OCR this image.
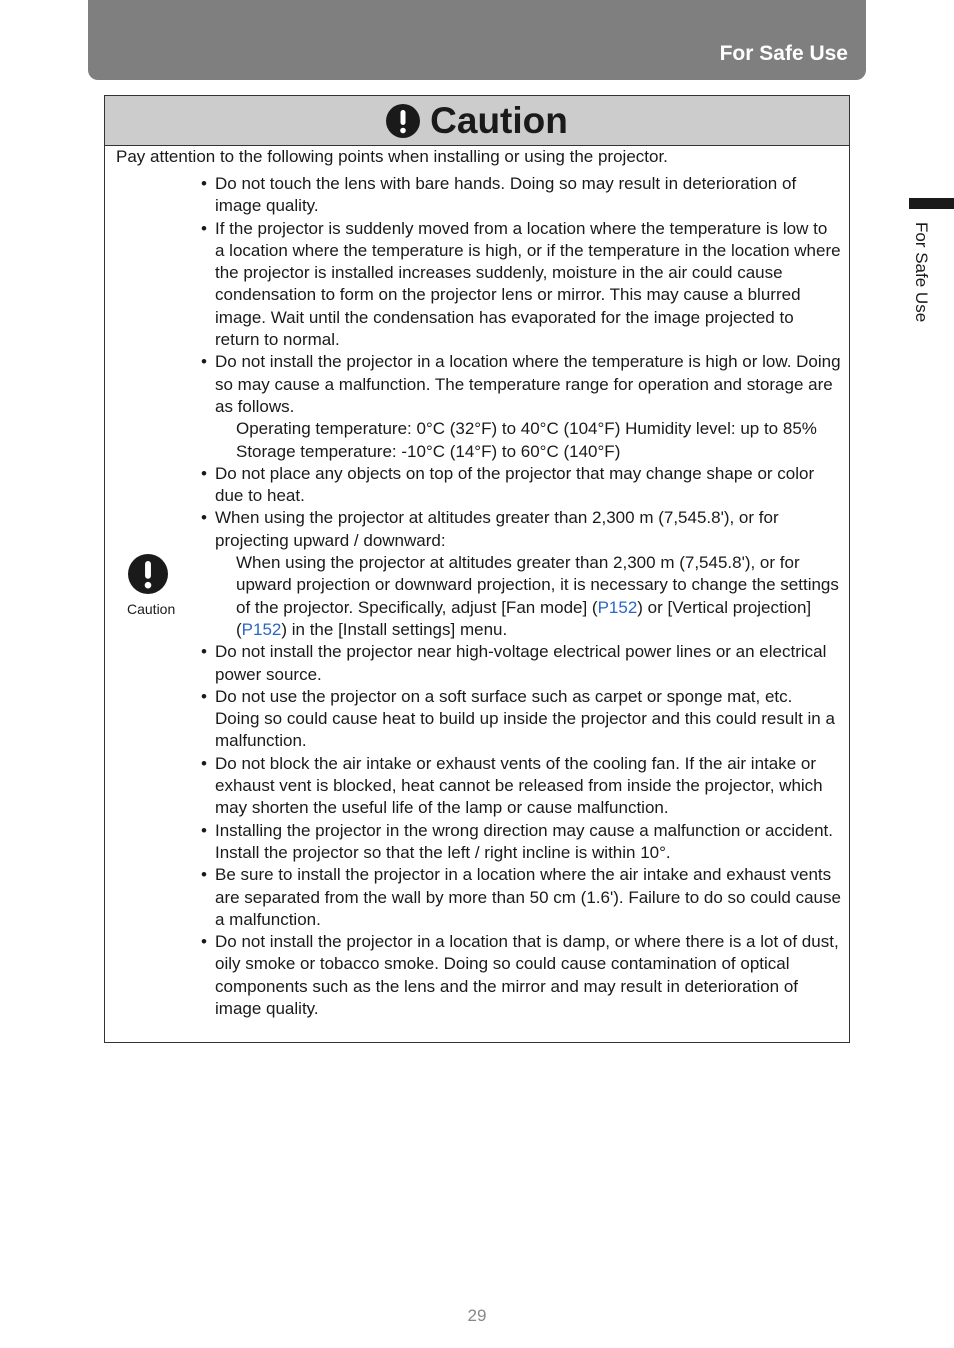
For Safe Use
For Safe Use
Caution
Pay attention to the following points when installing or using the projector.
Caution
• Do not touch the lens with bare hands. Doing so may result in deterioration of image quality.
• If the projector is suddenly moved from a location where the temperature is low to a location where the temperature is high, or if the temperature in the location where the projector is installed increases suddenly, moisture in the air could cause condensation to form on the projector lens or mirror. This may cause a blurred image. Wait until the condensation has evaporated for the image projected to return to normal.
• Do not install the projector in a location where the temperature is high or low. Doing so may cause a malfunction. The temperature range for operation and storage are as follows.
Operating temperature: 0°C (32°F) to 40°C (104°F) Humidity level: up to 85%
Storage temperature: -10°C (14°F) to 60°C (140°F)
• Do not place any objects on top of the projector that may change shape or color due to heat.
• When using the projector at altitudes greater than 2,300 m (7,545.8'), or for projecting upward / downward:
When using the projector at altitudes greater than 2,300 m (7,545.8'), or for upward projection or downward projection, it is necessary to change the settings of the projector. Specifically, adjust [Fan mode] (P152) or [Vertical projection] (P152) in the [Install settings] menu.
• Do not install the projector near high-voltage electrical power lines or an electrical power source.
• Do not use the projector on a soft surface such as carpet or sponge mat, etc. Doing so could cause heat to build up inside the projector and this could result in a malfunction.
• Do not block the air intake or exhaust vents of the cooling fan. If the air intake or exhaust vent is blocked, heat cannot be released from inside the projector, which may shorten the useful life of the lamp or cause malfunction.
• Installing the projector in the wrong direction may cause a malfunction or accident. Install the projector so that the left / right incline is within 10°.
• Be sure to install the projector in a location where the air intake and exhaust vents are separated from the wall by more than 50 cm (1.6'). Failure to do so could cause a malfunction.
• Do not install the projector in a location that is damp, or where there is a lot of dust, oily smoke or tobacco smoke. Doing so could cause contamination of optical components such as the lens and the mirror and may result in deterioration of image quality.
29
